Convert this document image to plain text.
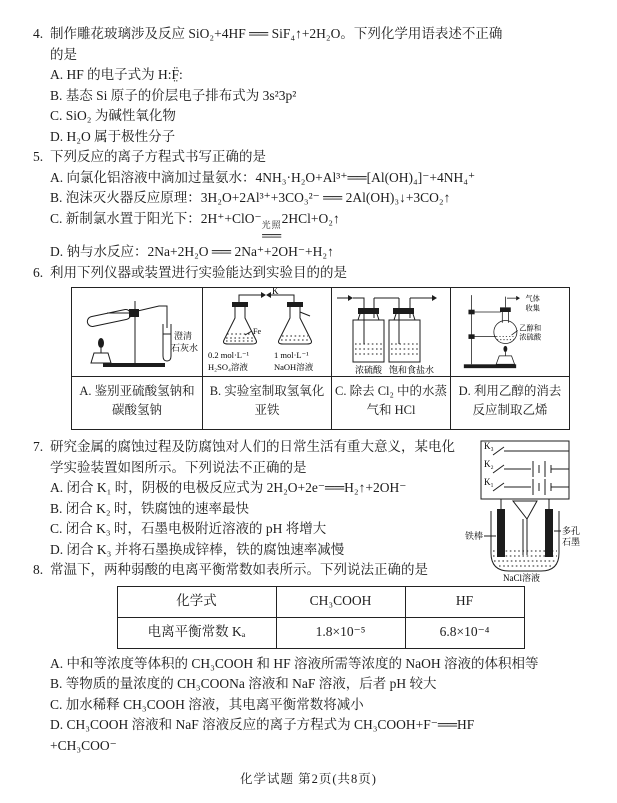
4. 制作雕花玻璃涉及反应 SiO₂+4HF ══ SiF₄↑+2H₂O。下列化学用语表述不正确
的是
A. HF 的电子式为 H:F̤̈:
B. 基态 Si 原子的价层电子排布式为 3s²3p²
C. SiO₂ 为碱性氧化物
D. H₂O 属于极性分子
5. 下列反应的离子方程式书写正确的是
A. 向氯化铝溶液中滴加过量氨水：4NH₃·H₂O+Al³⁺══[Al(OH)₄]⁻+4NH₄⁺
B. 泡沫灭火器反应原理：3H₂O+2Al³⁺+3CO₃²⁻ ══ 2Al(OH)₃↓+3CO₂↑
C. 新制氯水置于阳光下：2H⁺+ClO⁻ 光照
══
2HCl+O₂↑
D. 钠与水反应：2Na+2H₂O ══ 2Na⁺+2OH⁻+H₂↑
6. 利用下列仪器或装置进行实验能达到实验目的的是
澄清
石灰水

K
Fe
0.2 mol·L⁻¹
H₂SO₄溶液
1 mol·L⁻¹
NaOH溶液	浓硫酸 饱和食盐水

气体
收集
乙醇和
浓硫酸

A. 鉴别亚硫酸氢钠和碳酸氢钠	B. 实验室制取氢氧化亚铁	C. 除去 Cl₂ 中的水蒸气和 HCl	D. 利用乙醇的消去反应制取乙烯
7.	K₃
K₂
K₁
铁棒	多孔
石墨
NaCl溶液
研究金属的腐蚀过程及防腐蚀对人们的日常生活有重大意义，某电化学实验装置如图所示。下列说法不正确的是
A. 闭合 K₁ 时，阴极的电极反应式为 2H₂O+2e⁻══H₂↑+2OH⁻
B. 闭合 K₂ 时，铁腐蚀的速率最快
C. 闭合 K₃ 时，石墨电极附近溶液的 pH 将增大
D. 闭合 K₃ 并将石墨换成锌棒，铁的腐蚀速率减慢
8. 常温下，两种弱酸的电离平衡常数如表所示。下列说法正确的是
化学式	CH₃COOH	HF
电离平衡常数 Kₐ	1.8×10⁻⁵	6.8×10⁻⁴
A. 中和等浓度等体积的 CH₃COOH 和 HF 溶液所需等浓度的 NaOH 溶液的体积相等
B. 等物质的量浓度的 CH₃COONa 溶液和 NaF 溶液，后者 pH 较大
C. 加水稀释 CH₃COOH 溶液，其电离平衡常数将减小
D. CH₃COOH 溶液和 NaF 溶液反应的离子方程式为 CH₃COOH+F⁻══HF
+CH₃COO⁻
化学试题 第2页(共8页)
